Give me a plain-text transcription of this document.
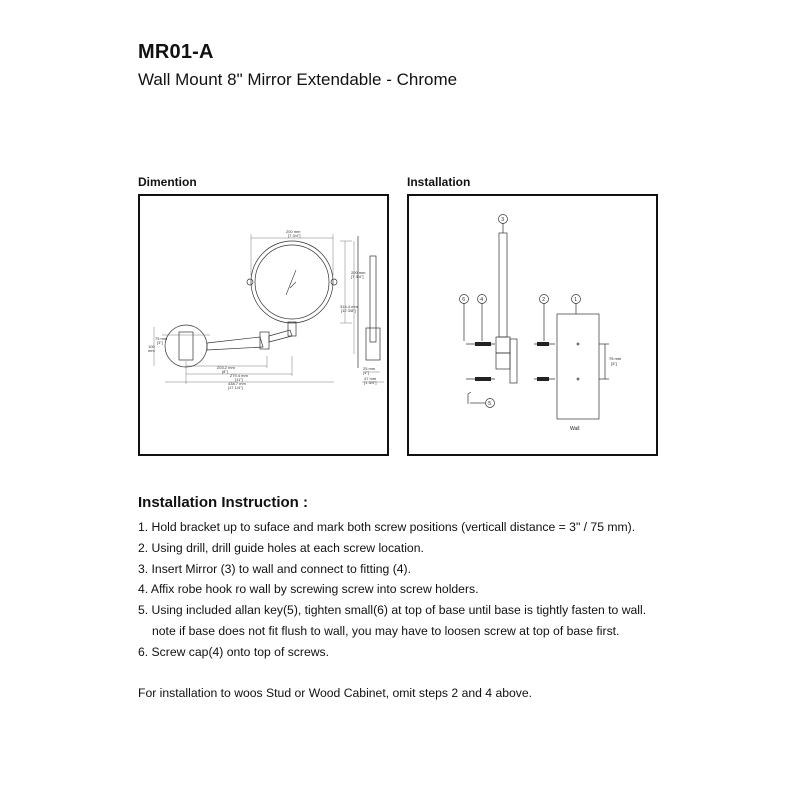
MR01-A
Wall Mount 8" Mirror Extendable - Chrome
Dimention	Installation
200 mm
[7 3/4"]
200 mm
[7 3/4"]
314.4 mm
[12 3/8"]
75 mm
[3"]
100
mm
203.2 mm
[8"]
279.4 mm
[11"]
438.7 mm
[17 1/4"]
25 mm
[1"]
47 mm
[1 3/4"]
3
6	4	2	1
5
75 mm
[3"]
Wall
Installation Instruction :
1. Hold bracket up to suface and mark both screw positions (verticall distance = 3" / 75 mm).
2. Using drill, drill guide holes at each screw location.
3. Insert Mirror (3) to wall and connect to fitting (4).
4. Affix robe hook ro wall by screwing screw into screw holders.
5. Using included allan key(5), tighten small(6) at top of base until base is tightly fasten to wall.
note if base does not fit flush to wall, you may have to loosen screw at top of base first.
6. Screw cap(4) onto top of screws.
For installation to woos Stud or Wood Cabinet, omit steps 2 and 4 above.
